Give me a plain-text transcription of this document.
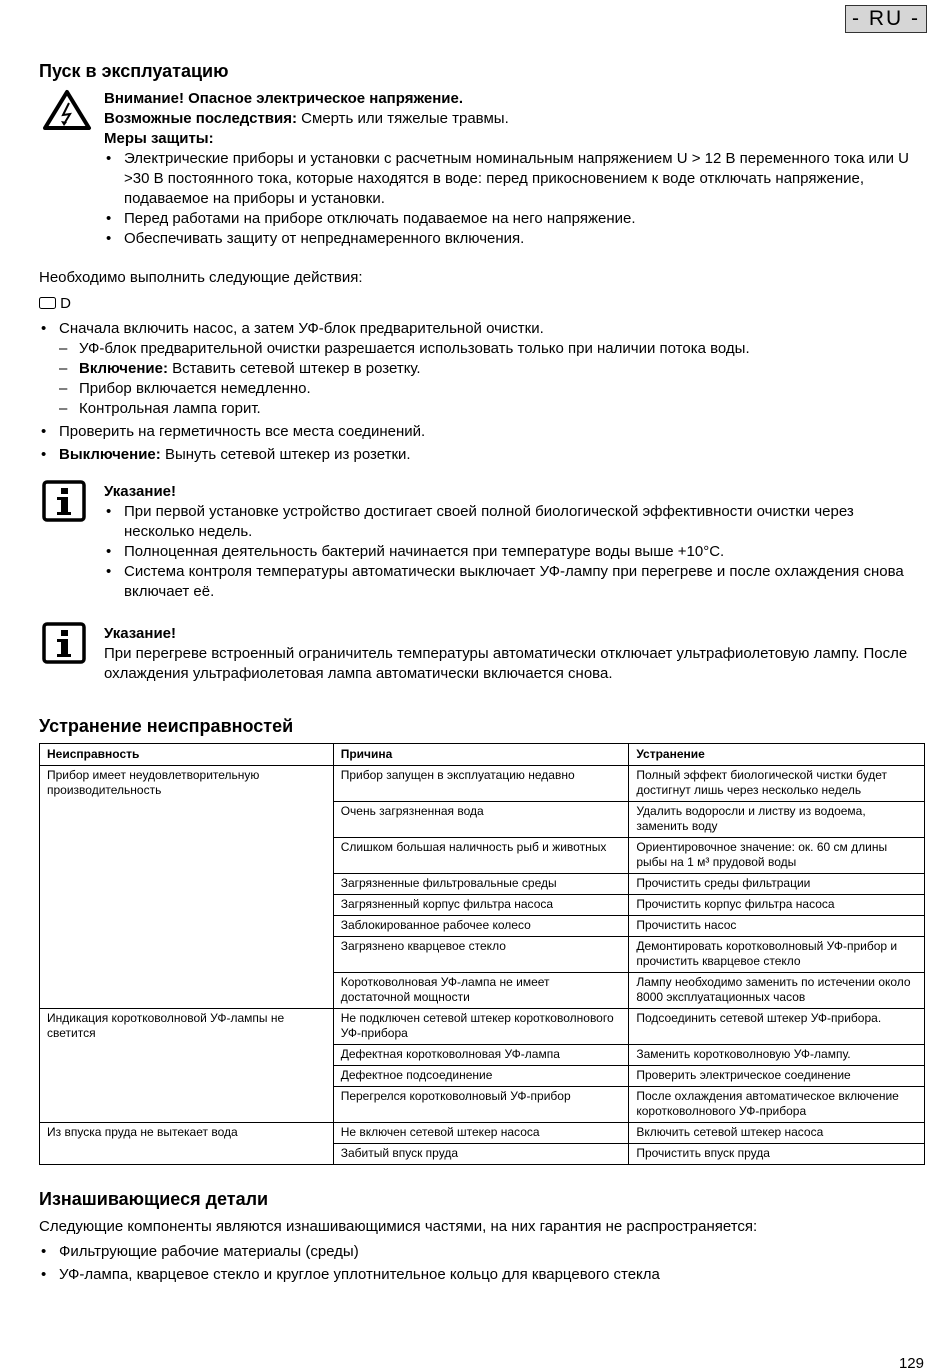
- RU -
Пуск в эксплуатацию
Внимание! Опасное электрическое напряжение.
Возможные последствия: Смерть или тяжелые травмы.
Меры защиты:
• Электрические приборы и установки с расчетным номинальным напряжением U > 12 В переменного тока или U >30 В постоянного тока, которые находятся в воде: перед прикосновением к воде отключать напряжение, подаваемое на приборы и установки.
• Перед работами на приборе отключать подаваемое на него напряжение.
• Обеспечивать защиту от непреднамеренного включения.
Необходимо выполнить следующие действия:
D
• Сначала включить насос, а затем УФ-блок предварительной очистки.
– УФ-блок предварительной очистки разрешается использовать только при наличии потока воды.
– Включение: Вставить сетевой штекер в розетку.
– Прибор включается немедленно.
– Контрольная лампа горит.
• Проверить на герметичность все места соединений.
• Выключение: Вынуть сетевой штекер из розетки.
Указание!
• При первой установке устройство достигает своей полной биологической эффективности очистки через несколько недель.
• Полноценная деятельность бактерий начинается при температуре воды выше +10°C.
• Система контроля температуры автоматически выключает УФ-лампу при перегреве и после охлаждения снова включает её.
Указание!
При перегреве встроенный ограничитель температуры автоматически отключает ультрафиолетовую лампу. После охлаждения ультрафиолетовая лампа автоматически включается снова.
Устранение неисправностей
Неисправность	Причина	Устранение
Прибор имеет неудовлетворительную производительность	Прибор запущен в эксплуатацию недавно	Полный эффект биологической чистки будет достигнут лишь через несколько недель
	Очень загрязненная вода	Удалить водоросли и листву из водоема, заменить воду
	Слишком большая наличность рыб и животных	Ориентировочное значение: ок. 60 см длины рыбы на 1 м³ прудовой воды
	Загрязненные фильтровальные среды	Прочистить среды фильтрации
	Загрязненный корпус фильтра насоса	Прочистить корпус фильтра насоса
	Заблокированное рабочее колесо	Прочистить насос
	Загрязнено кварцевое стекло	Демонтировать коротковолновый УФ-прибор и прочистить кварцевое стекло
	Коротковолновая УФ-лампа не имеет достаточной мощности	Лампу необходимо заменить по истечении около 8000 эксплуатационных часов
Индикация коротковолновой УФ-лампы не светится	Не подключен сетевой штекер коротковолнового УФ-прибора	Подсоединить сетевой штекер УФ-прибора.
	Дефектная коротковолновая УФ-лампа	Заменить коротковолновую УФ-лампу.
	Дефектное подсоединение	Проверить электрическое соединение
	Перегрелся коротковолновый УФ-прибор	После охлаждения автоматическое включение коротковолнового УФ-прибора
Из впуска пруда не вытекает вода	Не включен сетевой штекер насоса	Включить сетевой штекер насоса
	Забитый впуск пруда	Прочистить впуск пруда
Изнашивающиеся детали
Следующие компоненты являются изнашивающимися частями, на них гарантия не распространяется:
• Фильтрующие рабочие материалы (среды)
• УФ-лампа, кварцевое стекло и круглое уплотнительное кольцо для кварцевого стекла
129
